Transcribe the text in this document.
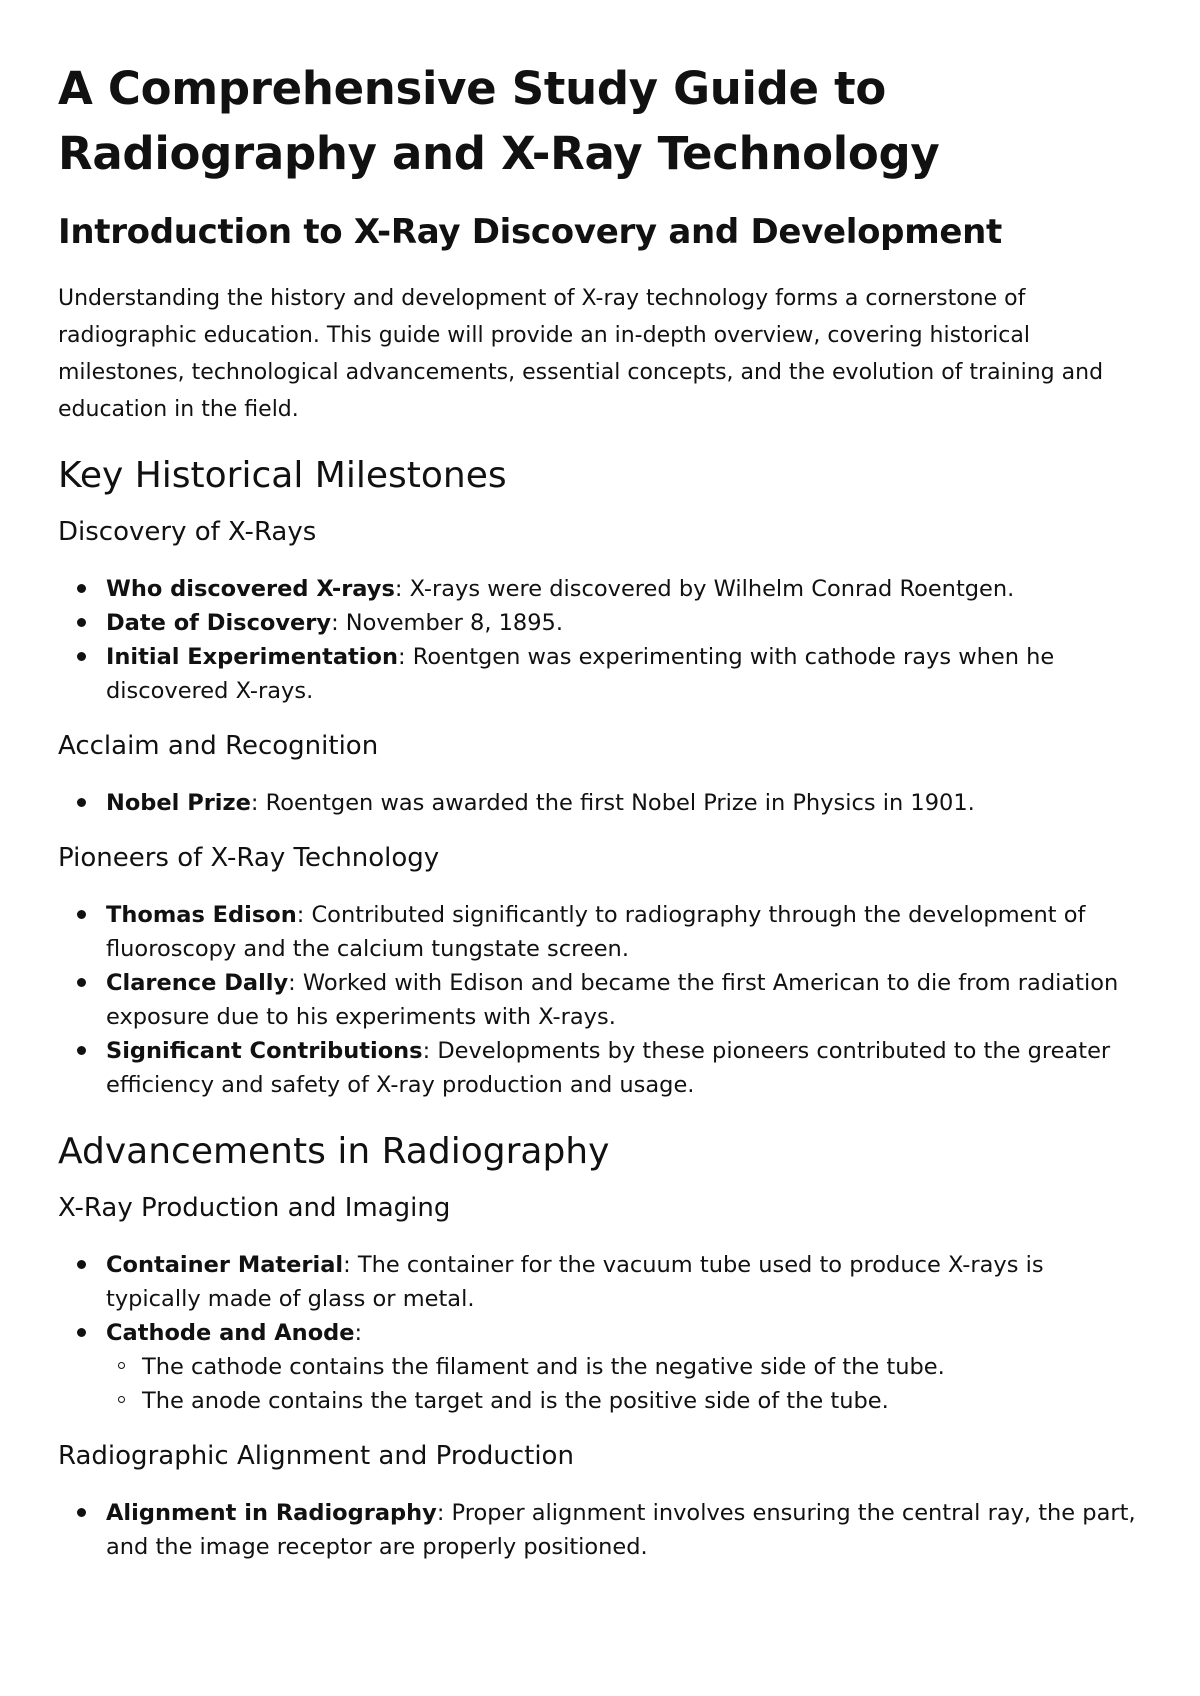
A Comprehensive Study Guide to Radiography and X-Ray Technology
Introduction to X-Ray Discovery and Development

Understanding the history and development of X-ray technology forms a cornerstone of radiographic education. This guide will provide an in-depth overview, covering historical milestones, technological advancements, essential concepts, and the evolution of training and education in the field.

Key Historical Milestones
Discovery of X-Rays
Who discovered X-rays: X-rays were discovered by Wilhelm Conrad Roentgen.
Date of Discovery: November 8, 1895.
Initial Experimentation: Roentgen was experimenting with cathode rays when he discovered X-rays.
Acclaim and Recognition
Nobel Prize: Roentgen was awarded the first Nobel Prize in Physics in 1901.
Pioneers of X-Ray Technology
Thomas Edison: Contributed significantly to radiography through the development of fluoroscopy and the calcium tungstate screen.
Clarence Dally: Worked with Edison and became the first American to die from radiation exposure due to his experiments with X-rays.
Significant Contributions: Developments by these pioneers contributed to the greater efficiency and safety of X-ray production and usage.
Advancements in Radiography
X-Ray Production and Imaging
Container Material: The container for the vacuum tube used to produce X-rays is typically made of glass or metal.
Cathode and Anode:
The cathode contains the filament and is the negative side of the tube.
The anode contains the target and is the positive side of the tube.
Radiographic Alignment and Production
Alignment in Radiography: Proper alignment involves ensuring the central ray, the part, and the image receptor are properly positioned.
